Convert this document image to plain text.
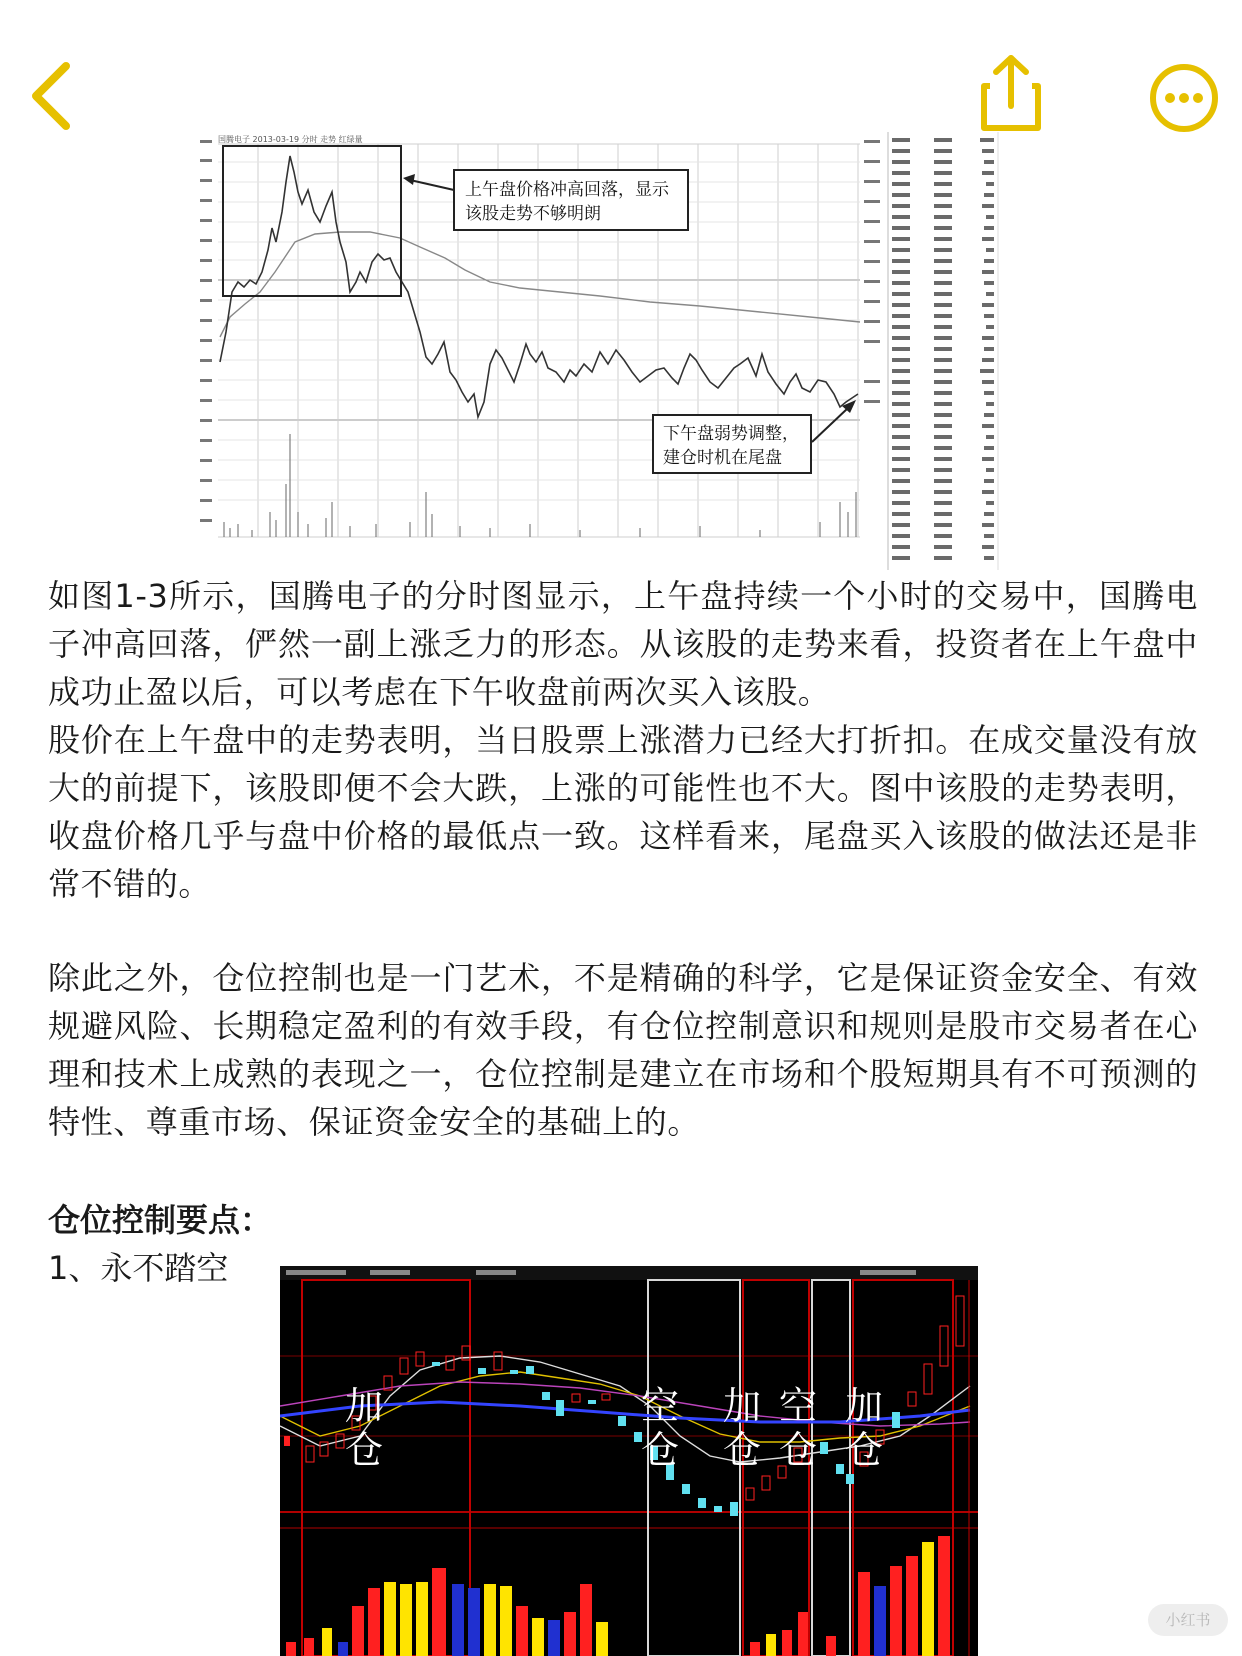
国腾电子 2013-03-19 分时 走势 红绿量
上午盘价格冲高回落，显示
该股走势不够明朗
下午盘弱势调整，
建仓时机在尾盘

如图1-3所示，国腾电子的分时图显示，上午盘持续一个小时的交易中，国腾电子冲高回落，俨然一副上涨乏力的形态。从该股的走势来看，投资者在上午盘中成功止盈以后，可以考虑在下午收盘前两次买入该股。

股价在上午盘中的走势表明，当日股票上涨潜力已经大打折扣。在成交量没有放大的前提下，该股即便不会大跌，上涨的可能性也不大。图中该股的走势表明，收盘价格几乎与盘中价格的最低点一致。这样看来，尾盘买入该股的做法还是非常不错的。

除此之外，仓位控制也是一门艺术，不是精确的科学，它是保证资金安全、有效规避风险、长期稳定盈利的有效手段，有仓位控制意识和规则是股市交易者在心理和技术上成熟的表现之一，仓位控制是建立在市场和个股短期具有不可预测的特性、尊重市场、保证资金安全的基础上的。

仓位控制要点：

1、永不踏空

加
仓
空
仓
加
仓
空
仓
加
仓
小红书
